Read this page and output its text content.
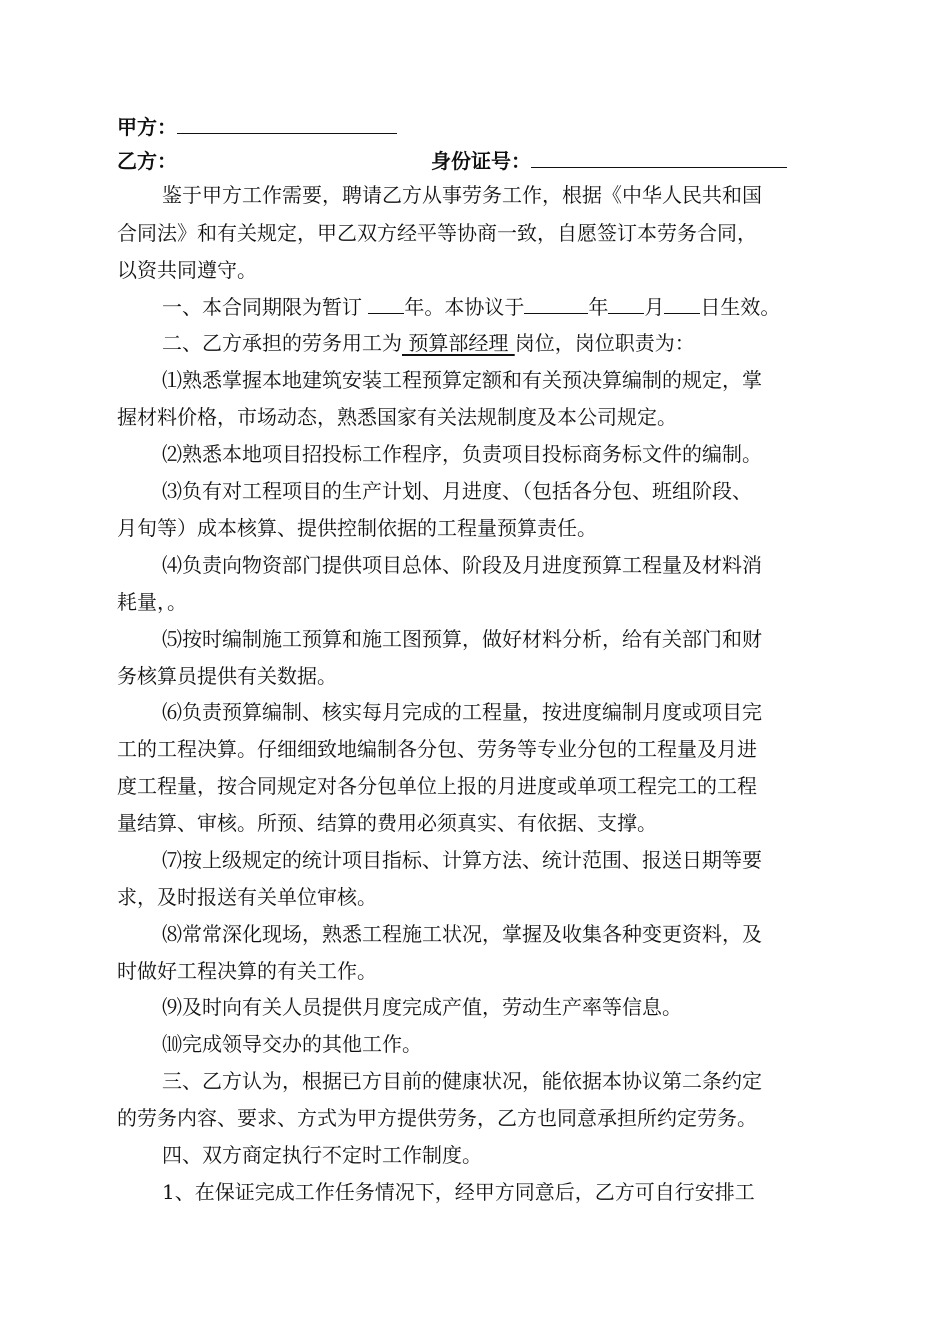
甲方：
乙方：	身份证号：
鉴于甲方工作需要，聘请乙方从事劳务工作，根据《中华人民共和国
合同法》和有关规定，甲乙双方经平等协商一致，自愿签订本劳务合同，
以资共同遵守。
一、本合同期限为暂订 年。本协议于	年 月 日生效。
二、乙方承担的劳务用工为 预算部经理 岗位，岗位职责为：
⑴熟悉掌握本地建筑安装工程预算定额和有关预决算编制的规定，掌
握材料价格，市场动态，熟悉国家有关法规制度及本公司规定。
⑵熟悉本地项目招投标工作程序，负责项目投标商务标文件的编制。
⑶负有对工程项目的生产计划、月进度、（包括各分包、班组阶段、
月旬等）成本核算、提供控制依据的工程量预算责任。
⑷负责向物资部门提供项目总体、阶段及月进度预算工程量及材料消
耗量，。
⑸按时编制施工预算和施工图预算，做好材料分析，给有关部门和财
务核算员提供有关数据。
⑹负责预算编制、核实每月完成的工程量，按进度编制月度或项目完
工的工程决算。仔细细致地编制各分包、劳务等专业分包的工程量及月进
度工程量，按合同规定对各分包单位上报的月进度或单项工程完工的工程
量结算、审核。所预、结算的费用必须真实、有依据、支撑。
⑺按上级规定的统计项目指标、计算方法、统计范围、报送日期等要
求，及时报送有关单位审核。
⑻常常深化现场，熟悉工程施工状况，掌握及收集各种变更资料，及
时做好工程决算的有关工作。
⑼及时向有关人员提供月度完成产值，劳动生产率等信息。
⑽完成领导交办的其他工作。
三、乙方认为，根据已方目前的健康状况，能依据本协议第二条约定
的劳务内容、要求、方式为甲方提供劳务，乙方也同意承担所约定劳务。
四、双方商定执行不定时工作制度。
1、在保证完成工作任务情况下，经甲方同意后，乙方可自行安排工
